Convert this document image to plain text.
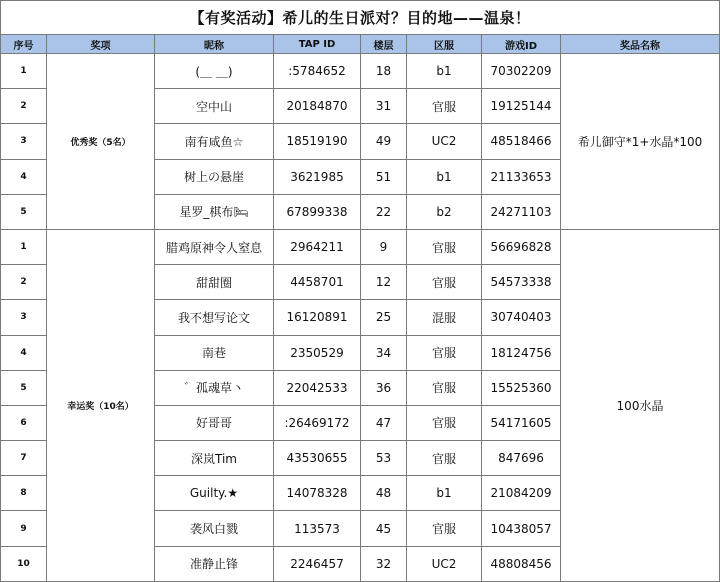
【有奖活动】希儿的生日派对？目的地——温泉！							
序号	奖项	昵称	TAP ID	楼层	区服	游戏ID	奖品名称
1	优秀奖（5名）	(＿ ＿)	:5784652	18	b1	70302209	希儿御守*1+水晶*100
2		空中山	20184870	31	官服	19125144	
3		南有咸鱼☆	18519190	49	UC2	48518466	
4		树上の悬崖	3621985	51	b1	21133653	
5		星罗_棋布🛏	67899338	22	b2	24271103	
1	幸运奖（10名）	腊鸡原神令人窒息	2964211	9	官服	56696828	100水晶
2		甜甜圈	4458701	12	官服	54573338	
3		我不想写论文	16120891	25	混服	30740403	
4		南巷	2350529	34	官服	18124756	
5		゛孤魂草丶	22042533	36	官服	15525360	
6		好哥哥	:26469172	47	官服	54171605	
7		深岚Tim	43530655	53	官服	847696	
8		Guilty.★	14078328	48	b1	21084209	
9		袭风白戮	113573	45	官服	10438057	
10		准静止锋	2246457	32	UC2	48808456	
